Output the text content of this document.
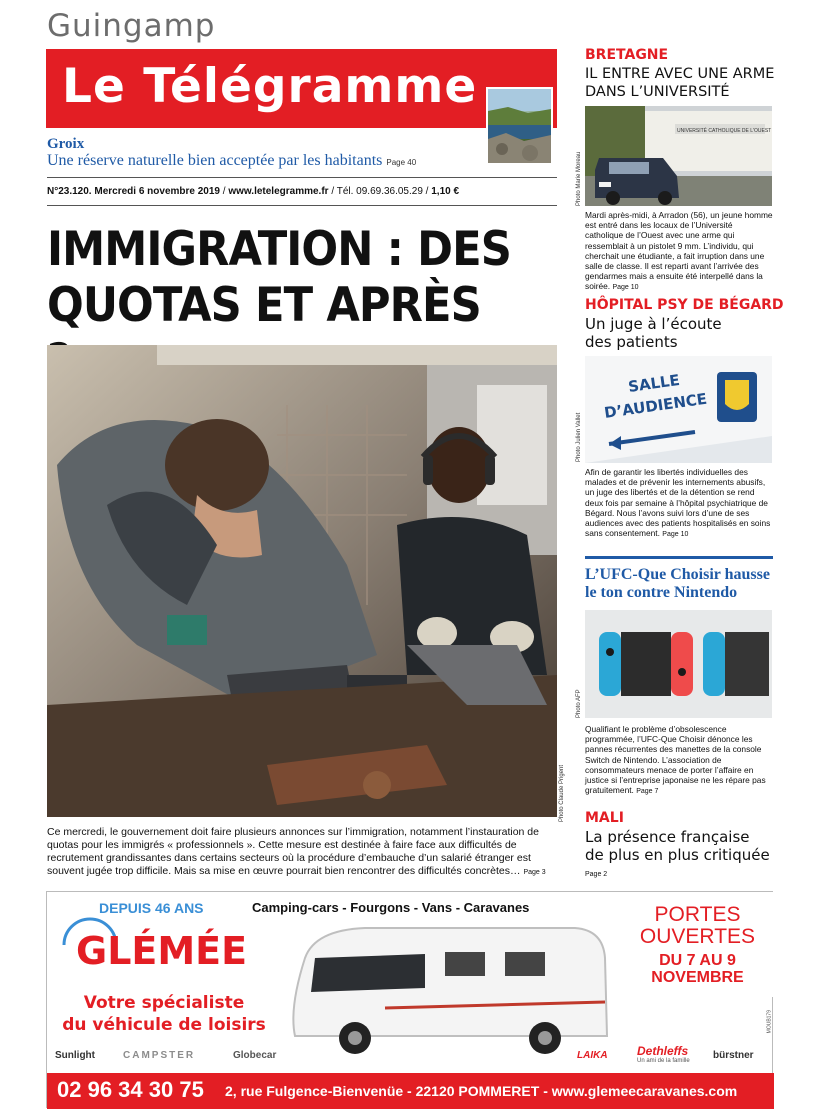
Guingamp
Le Télégramme
Groix
Une réserve naturelle bien acceptée par les habitants Page 40
N°23.120. Mercredi 6 novembre 2019 / www.letelegramme.fr / Tél. 09.69.36.05.29 / 1,10 €
IMMIGRATION : DES
QUOTAS ET APRÈS
Photo Claude Prigent
Ce mercredi, le gouvernement doit faire plusieurs annonces sur l’immigration, notamment l’instauration de quotas pour les immigrés « professionnels ». Cette mesure est destinée à faire face aux difficultés de recrutement grandissantes dans certains secteurs où la procédure d’embauche d’un salarié étranger est souvent jugée trop difficile. Mais sa mise en œuvre pourrait bien rencontrer des difficultés concrètes… Page 3
BRETAGNE
IL ENTRE AVEC UNE ARME
DANS L’UNIVERSITÉ
UNIVERSITÉ CATHOLIQUE DE L'OUEST
Photo Marie Moreau
Mardi après-midi, à Arradon (56), un jeune homme est entré dans les locaux de l’Université catholique de l’Ouest avec une arme qui ressemblait à un pistolet 9 mm. L’individu, qui cherchait une étudiante, a fait irruption dans une salle de classe. Il est reparti avant l’arrivée des gendarmes mais a ensuite été interpellé dans la soirée. Page 10
HÔPITAL PSY DE BÉGARD
Un juge à l’écoute
des patients
SALLE
D’AUDIENCE
Photo Julien Vallet
Afin de garantir les libertés individuelles des malades et de prévenir les internements abusifs, un juge des libertés et de la détention se rend deux fois par semaine à l’hôpital psychiatrique de Bégard. Nous l’avons suivi lors d’une de ses audiences avec des patients hospitalisés en soins sans consentement. Page 10
L’UFC-Que Choisir hausse
le ton contre Nintendo
Photo AFP
Qualifiant le problème d’obsolescence programmée, l’UFC-Que Choisir dénonce les pannes récurrentes des manettes de la console Switch de Nintendo. L’association de consommateurs menace de porter l’affaire en justice si l’entreprise japonaise ne les répare pas gratuitement. Page 7
MALI
La présence française
de plus en plus critiquée
Page 2
DEPUIS 46 ANS
GLÉMÉE
Votre spécialiste
du véhicule de loisirs
Camping-cars - Fourgons - Vans - Caravanes	PORTES
OUVERTES
DU 7 AU 9
NOVEMBRE
MOUB179
Sunlight	CAMPSTER	Globecar	LAIKA Dethleffs
Un ami de la famille bürstner
02 96 34 30 75 2, rue Fulgence-Bienvenüe - 22120 POMMERET - www.glemeecaravanes.com
